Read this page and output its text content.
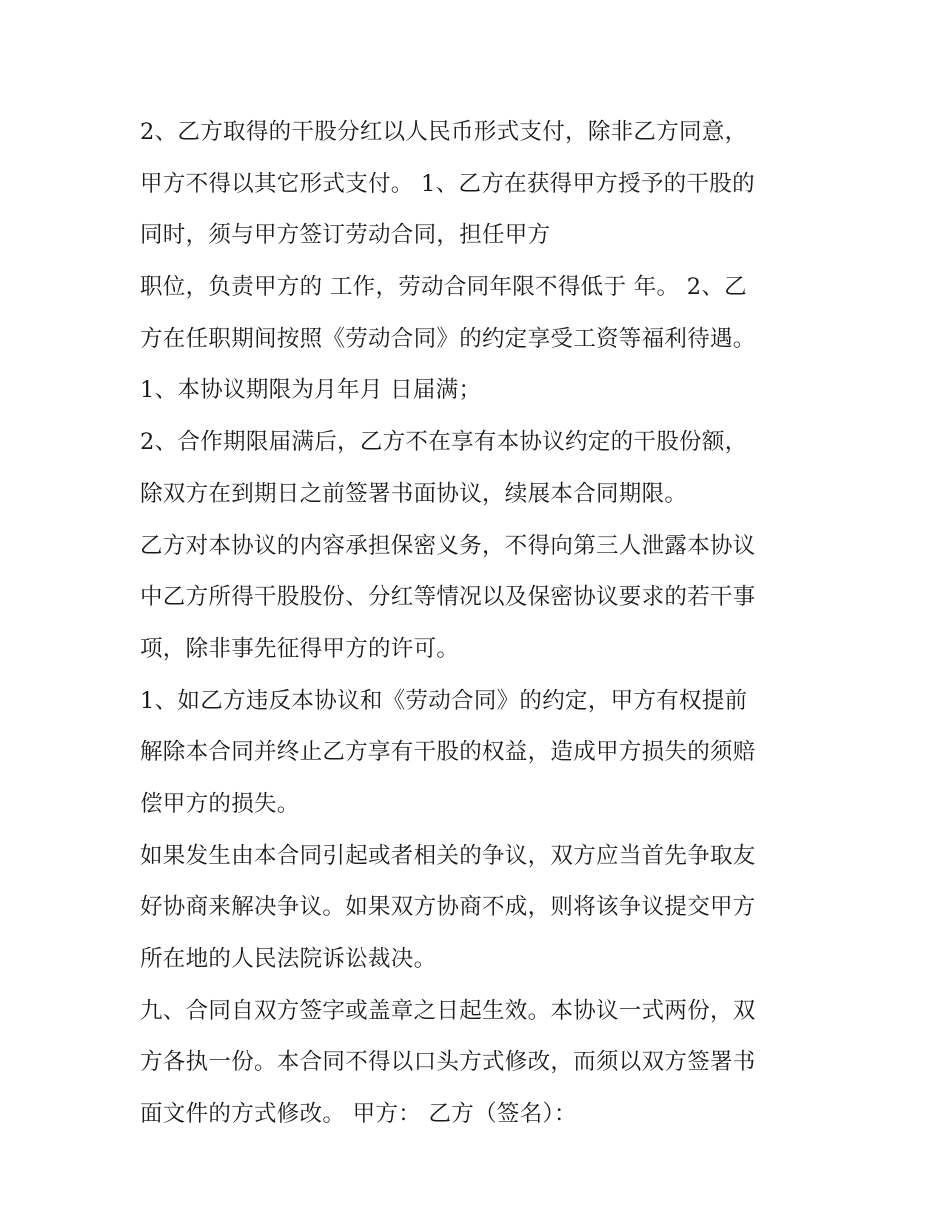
2、乙方取得的干股分红以人民币形式支付，除非乙方同意，
甲方不得以其它形式支付。 1、乙方在获得甲方授予的干股的
同时，须与甲方签订劳动合同，担任甲方
职位，负责甲方的 工作，劳动合同年限不得低于 年。 2、乙
方在任职期间按照《劳动合同》的约定享受工资等福利待遇。
1、本协议期限为月年月 日届满；
2、合作期限届满后，乙方不在享有本协议约定的干股份额，
除双方在到期日之前签署书面协议，续展本合同期限。
乙方对本协议的内容承担保密义务，不得向第三人泄露本协议
中乙方所得干股股份、分红等情况以及保密协议要求的若干事
项，除非事先征得甲方的许可。
1、如乙方违反本协议和《劳动合同》的约定，甲方有权提前
解除本合同并终止乙方享有干股的权益，造成甲方损失的须赔
偿甲方的损失。
如果发生由本合同引起或者相关的争议，双方应当首先争取友
好协商来解决争议。如果双方协商不成，则将该争议提交甲方
所在地的人民法院诉讼裁决。
九、合同自双方签字或盖章之日起生效。本协议一式两份，双
方各执一份。本合同不得以口头方式修改，而须以双方签署书
面文件的方式修改。 甲方： 乙方（签名）：
